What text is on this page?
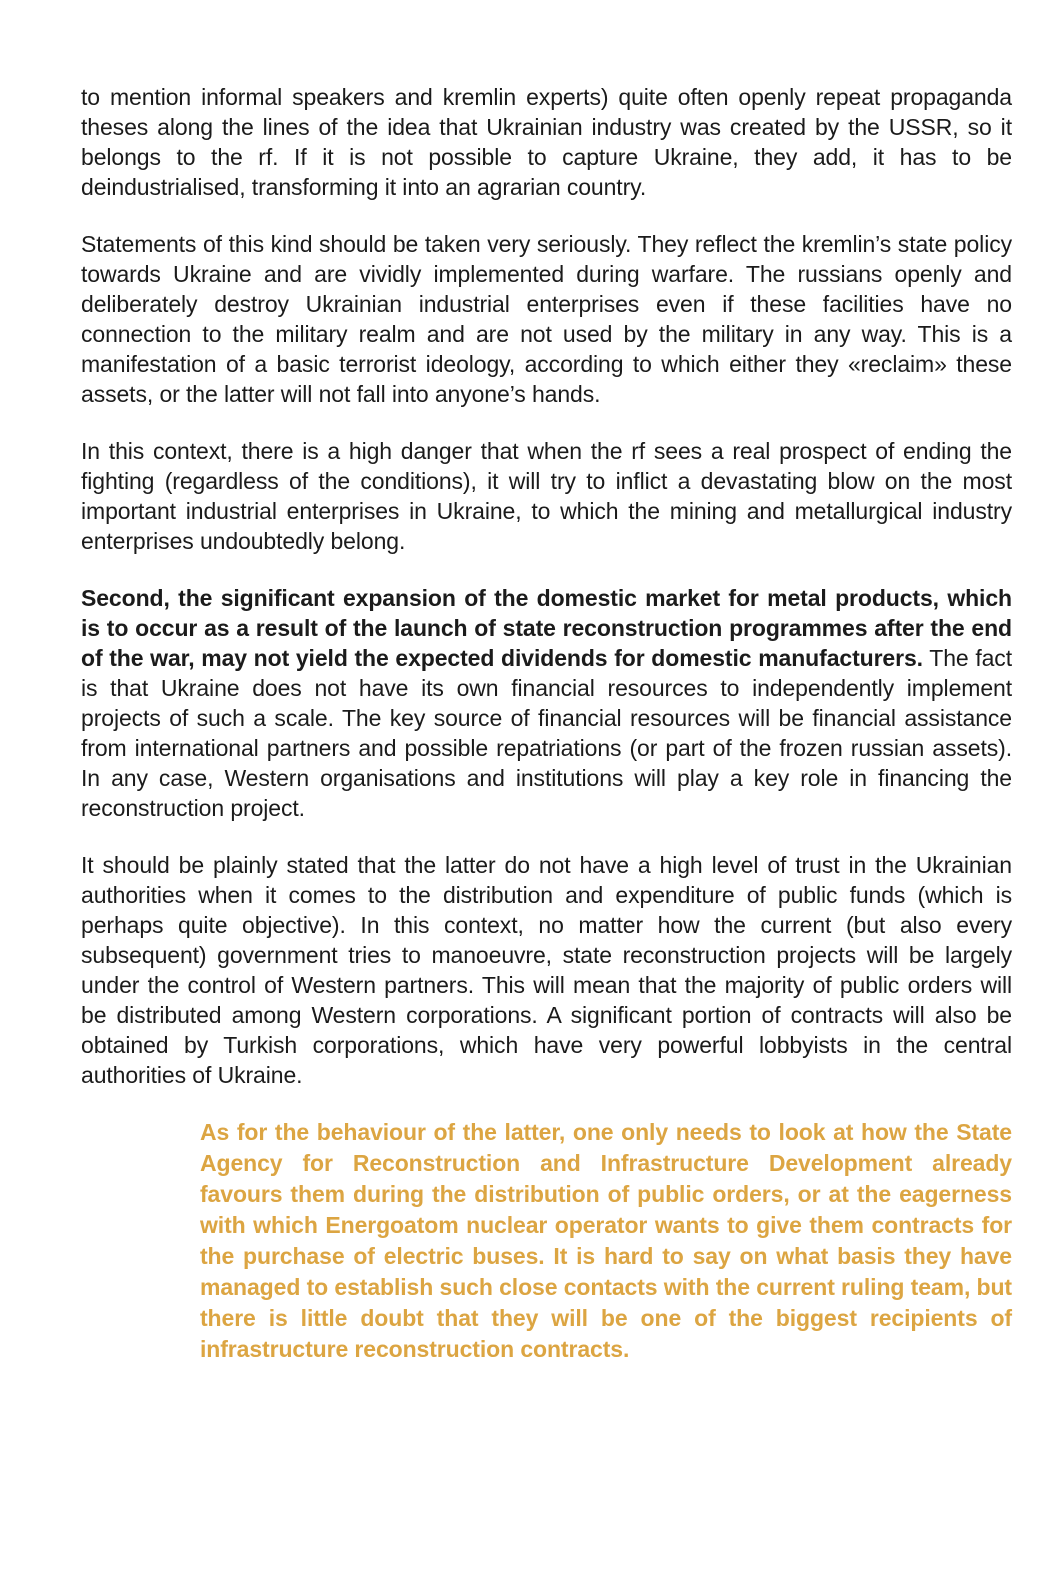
to mention informal speakers and kremlin experts) quite often openly repeat propaganda theses along the lines of the idea that Ukrainian industry was created by the USSR, so it belongs to the rf. If it is not possible to capture Ukraine, they add, it has to be deindustrialised, transforming it into an agrarian country.

Statements of this kind should be taken very seriously. They reflect the kremlin’s state policy towards Ukraine and are vividly implemented during warfare. The russians openly and deliberately destroy Ukrainian industrial enterprises even if these facilities have no connection to the military realm and are not used by the military in any way. This is a manifestation of a basic terrorist ideology, according to which either they «reclaim» these assets, or the latter will not fall into anyone’s hands.

In this context, there is a high danger that when the rf sees a real prospect of ending the fighting (regardless of the conditions), it will try to inflict a devastating blow on the most important industrial enterprises in Ukraine, to which the mining and metallurgical industry enterprises undoubtedly belong.

Second, the significant expansion of the domestic market for metal products, which is to occur as a result of the launch of state reconstruction programmes after the end of the war, may not yield the expected dividends for domestic manufacturers. The fact is that Ukraine does not have its own financial resources to independently implement projects of such a scale. The key source of financial resources will be financial assistance from international partners and possible repatriations (or part of the frozen russian assets). In any case, Western organisations and institutions will play a key role in financing the reconstruction project.

It should be plainly stated that the latter do not have a high level of trust in the Ukrainian authorities when it comes to the distribution and expenditure of public funds (which is perhaps quite objective). In this context, no matter how the current (but also every subsequent) government tries to manoeuvre, state reconstruction projects will be largely under the control of Western partners. This will mean that the majority of public orders will be distributed among Western corporations. A significant portion of contracts will also be obtained by Turkish corporations, which have very powerful lobbyists in the central authorities of Ukraine.

As for the behaviour of the latter, one only needs to look at how the State Agency for Reconstruction and Infrastructure Development already favours them during the distribution of public orders, or at the eagerness with which Energoatom nuclear operator wants to give them contracts for the purchase of electric buses. It is hard to say on what basis they have managed to establish such close contacts with the current ruling team, but there is little doubt that they will be one of the biggest recipients of infrastructure reconstruction contracts.
